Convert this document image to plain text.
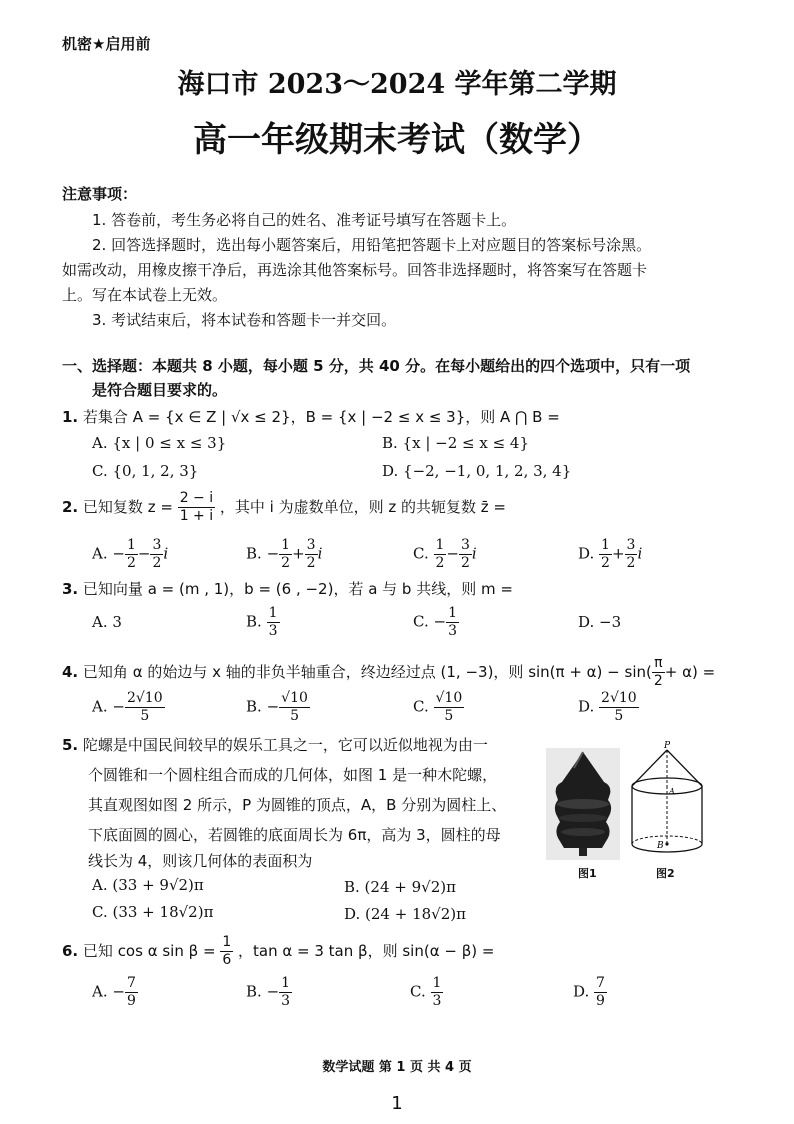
机密★启用前
海口市 2023～2024 学年第二学期
高一年级期末考试（数学）
注意事项：
1. 答卷前，考生务必将自己的姓名、准考证号填写在答题卡上。
2. 回答选择题时，选出每小题答案后，用铅笔把答题卡上对应题目的答案标号涂黑。
如需改动，用橡皮擦干净后，再选涂其他答案标号。回答非选择题时，将答案写在答题卡
上。写在本试卷上无效。
3. 考试结束后，将本试卷和答题卡一并交回。
一、选择题：本题共 8 小题，每小题 5 分，共 40 分。在每小题给出的四个选项中，只有一项
是符合题目要求的。
1. 若集合 A = {x ∈ Z | √x ≤ 2}，B = {x | −2 ≤ x ≤ 3}，则 A ⋂ B =
A. {x | 0 ≤ x ≤ 3}	B. {x | −2 ≤ x ≤ 4}
C. {0, 1, 2, 3}	D. {−2, −1, 0, 1, 2, 3, 4}
2. 已知复数 $z = \frac{2 - i}{1 + i}$ ，其中 i 为虚数单位，则 z 的共轭复数 z̄ =
A. − $\frac{1}{2} - \frac{3}{2}$ i	B. − $\frac{1}{2} + \frac{3}{2}$ i	C. $\frac{1}{2} - \frac{3}{2}$ i	D. $\frac{1}{2} + \frac{3}{2}$ i
3. 已知向量 a = (m , 1)，b = (6 , −2)，若 a 与 b 共线，则 m =
A. 3	B. $\frac{1}{3}$	C. − $\frac{1}{3}$	D. −3
4. 已知角 α 的始边与 x 轴的非负半轴重合，终边经过点 (1, −3)，则 $\sin(\pi + \alpha) - \sin( \frac{\pi}{2} + \alpha)$ =
A. − $\frac{2√10}{5}$	B. − $\frac{√10}{5}$	C. $\frac{√10}{5}$	D. $\frac{2√10}{5}$
5. 陀螺是中国民间较早的娱乐工具之一，它可以近似地视为由一
个圆锥和一个圆柱组合而成的几何体，如图 1 是一种木陀螺，
其直观图如图 2 所示，P 为圆锥的顶点，A，B 分别为圆柱上、
下底面圆的圆心，若圆锥的底面周长为 6π，高为 3，圆柱的母
线长为 4，则该几何体的表面积为
A. (33 + 9√2)π	B. (24 + 9√2)π
C. (33 + 18√2)π	D. (24 + 18√2)π
图1
P
A
B
图2
6. 已知 cos α $\sin \beta = \frac{1}{6}$ ，tan α = 3 tan β，则 sin(α − β) =
A. − $\frac{7}{9}$	B. − $\frac{1}{3}$	C. $\frac{1}{3}$	D. $\frac{7}{9}$
数学试题 第 1 页 共 4 页
1
